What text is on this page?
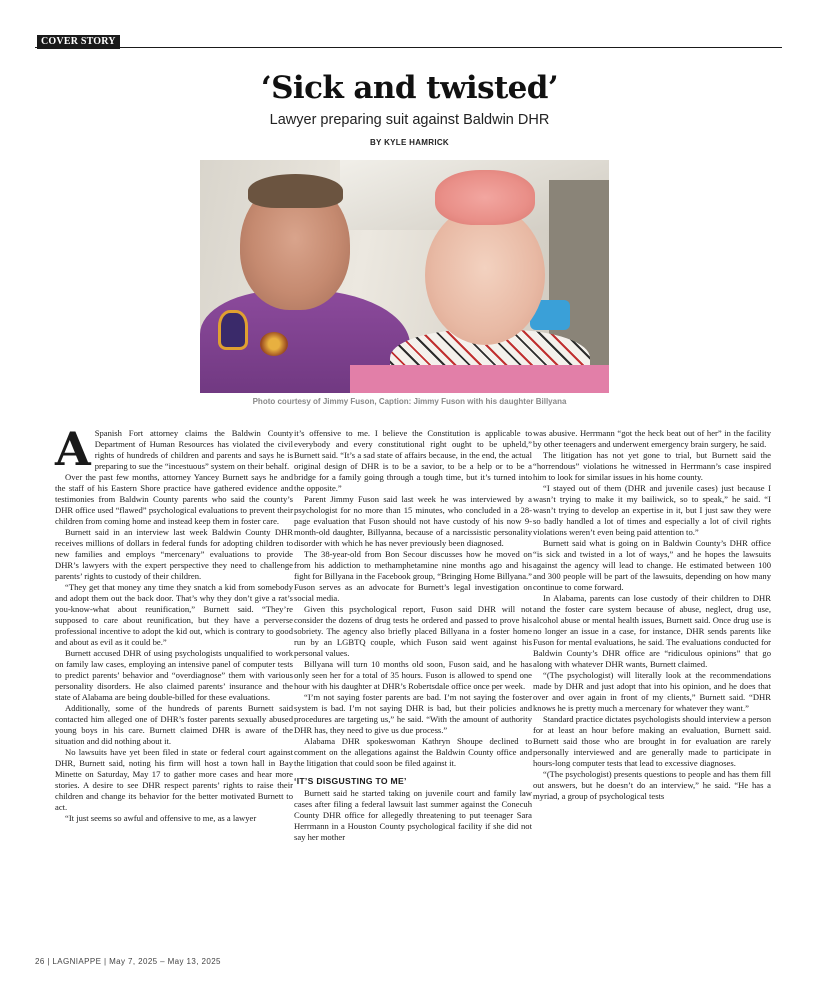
COVER STORY
‘Sick and twisted’
Lawyer preparing suit against Baldwin DHR
BY KYLE HAMRICK
Photo courtesy of Jimmy Fuson, Caption: Jimmy Fuson with his daughter Billyana
A Spanish Fort attorney claims the Baldwin County Department of Human Resources has violated the civil rights of hundreds of children and parents and says he is preparing to sue the “incestuous” system on their behalf.

Over the past few months, attorney Yancey Burnett says he and the staff of his Eastern Shore practice have gathered evidence and testimonies from Baldwin County parents who said the county’s DHR office used “flawed” psychological evaluations to prevent their children from coming home and instead keep them in foster care.

Burnett said in an interview last week Baldwin County DHR receives millions of dollars in federal funds for adopting children to new families and employs “mercenary” evaluations to provide DHR’s lawyers with the expert perspective they need to challenge parents’ rights to custody of their children.

“They get that money any time they snatch a kid from somebody and adopt them out the back door. That’s why they don’t give a rat’s you-know-what about reunification,” Burnett said. “They’re supposed to care about reunification, but they have a perverse professional incentive to adopt the kid out, which is contrary to good and about as evil as it could be.”

Burnett accused DHR of using psychologists unqualified to work on family law cases, employing an intensive panel of computer tests to predict parents’ behavior and “overdiagnose” them with various personality disorders. He also claimed parents’ insurance and the state of Alabama are being double-billed for these evaluations.

Additionally, some of the hundreds of parents Burnett said contacted him alleged one of DHR’s foster parents sexually abused young boys in his care. Burnett claimed DHR is aware of the situation and did nothing about it.

No lawsuits have yet been filed in state or federal court against DHR, Burnett said, noting his firm will host a town hall in Bay Minette on Saturday, May 17 to gather more cases and hear more stories. A desire to see DHR respect parents’ rights to raise their children and change its behavior for the better motivated Burnett to act.

“It just seems so awful and offensive to me, as a lawyer

it’s offensive to me. I believe the Constitution is applicable to everybody and every constitutional right ought to be upheld,” Burnett said. “It’s a sad state of affairs because, in the end, the actual original design of DHR is to be a savior, to be a help or to be a bridge for a family going through a tough time, but it’s turned into the opposite.”

Parent Jimmy Fuson said last week he was interviewed by a psychologist for no more than 15 minutes, who concluded in a 28-page evaluation that Fuson should not have custody of his now 9-month-old daughter, Billyanna, because of a narcissistic personality disorder with which he has never previously been diagnosed.

The 38-year-old from Bon Secour discusses how he moved on from his addiction to methamphetamine nine months ago and his fight for Billyana in the Facebook group, “Bringing Home Billyana.” Fuson serves as an advocate for Burnett’s legal investigation on social media.

Given this psychological report, Fuson said DHR will not consider the dozens of drug tests he ordered and passed to prove his sobriety. The agency also briefly placed Billyana in a foster home run by an LGBTQ couple, which Fuson said went against his personal values.

Billyana will turn 10 months old soon, Fuson said, and he has only seen her for a total of 35 hours. Fuson is allowed to spend one hour with his daughter at DHR’s Robertsdale office once per week.

“I’m not saying foster parents are bad. I’m not saying the foster system is bad. I’m not saying DHR is bad, but their policies and procedures are targeting us,” he said. “With the amount of authority DHR has, they need to give us due process.”

Alabama DHR spokeswoman Kathryn Shoupe declined to comment on the allegations against the Baldwin County office and the litigation that could soon be filed against it.

‘IT’S DISGUSTING TO ME’

Burnett said he started taking on juvenile court and family law cases after filing a federal lawsuit last summer against the Conecuh County DHR office for allegedly threatening to put teenager Sara Herrmann in a Houston County psychological facility if she did not say her mother

was abusive. Herrmann “got the heck beat out of her” in the facility by other teenagers and underwent emergency brain surgery, he said.

The litigation has not yet gone to trial, but Burnett said the “horrendous” violations he witnessed in Herrmann’s case inspired him to look for similar issues in his home county.

“I stayed out of them (DHR and juvenile cases) just because I wasn’t trying to make it my bailiwick, so to speak,” he said. “I wasn’t trying to develop an expertise in it, but I just saw they were so badly handled a lot of times and especially a lot of civil rights violations weren’t even being paid attention to.”

Burnett said what is going on in Baldwin County’s DHR office “is sick and twisted in a lot of ways,” and he hopes the lawsuits against the agency will lead to change. He estimated between 100 and 300 people will be part of the lawsuits, depending on how many continue to come forward.

In Alabama, parents can lose custody of their children to DHR and the foster care system because of abuse, neglect, drug use, alcohol abuse or mental health issues, Burnett said. Once drug use is no longer an issue in a case, for instance, DHR sends parents like Fuson for mental evaluations, he said. The evaluations conducted for Baldwin County’s DHR office are “ridiculous opinions” that go along with whatever DHR wants, Burnett claimed.

“(The psychologist) will literally look at the recommendations made by DHR and just adopt that into his opinion, and he does that over and over again in front of my clients,” Burnett said. “DHR knows he is pretty much a mercenary for whatever they want.”

Standard practice dictates psychologists should interview a person for at least an hour before making an evaluation, Burnett said. Burnett said those who are brought in for evaluation are rarely personally interviewed and are generally made to participate in hours-long computer tests that lead to excessive diagnoses.

“(The psychologist) presents questions to people and has them fill out answers, but he doesn’t do an interview,” he said. “He has a myriad, a group of psychological tests

26 | LAGNIAPPE | May 7, 2025 – May 13, 2025
